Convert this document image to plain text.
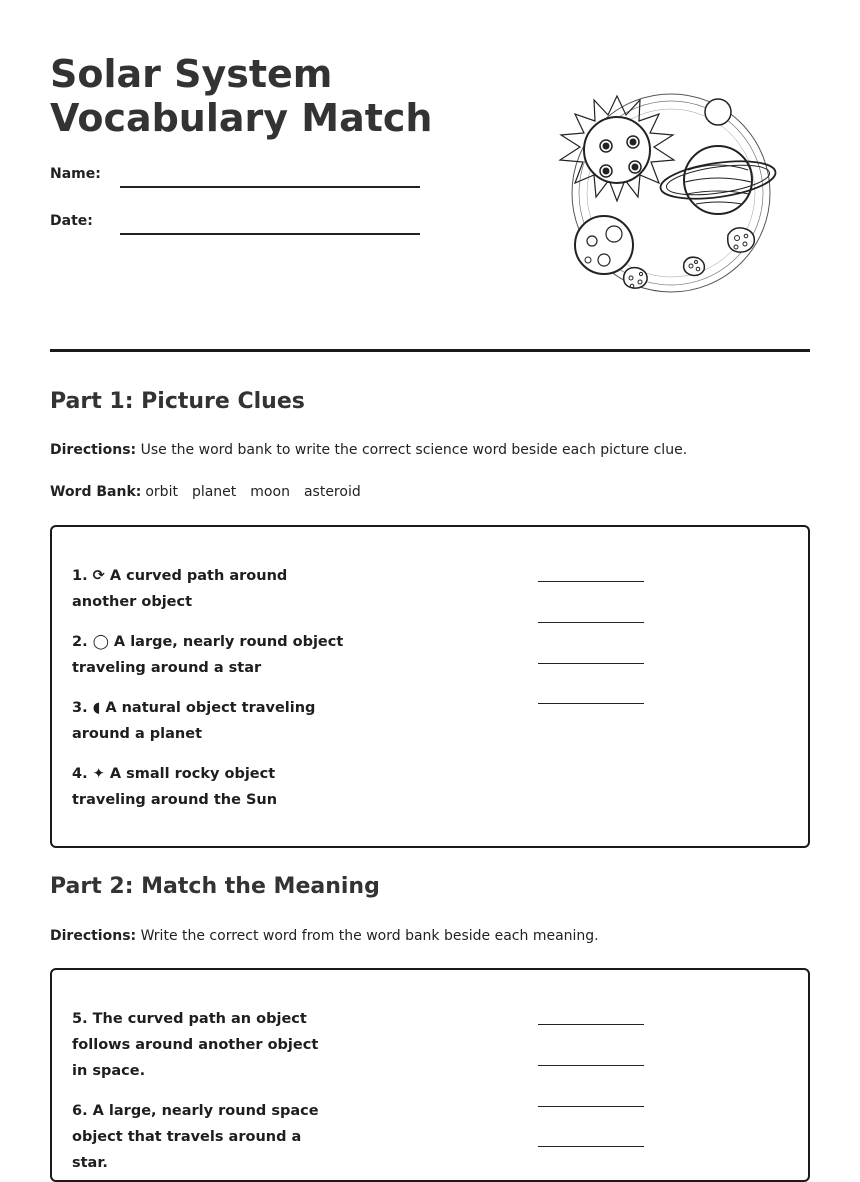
Solar System
Vocabulary Match
Name:
Date:
Part 1: Picture Clues

Directions: Use the word bank to write the correct science word beside each picture clue.

Word Bank: orbit planet moon asteroid

1. ⟳ A curved path around another object
2. ◯ A large, nearly round object traveling around a star
3. ◖ A natural object traveling around a planet
4. ✦ A small rocky object traveling around the Sun
Part 2: Match the Meaning

Directions: Write the correct word from the word bank beside each meaning.

5. The curved path an object follows around another object in space.
6. A large, nearly round space object that travels around a star.
